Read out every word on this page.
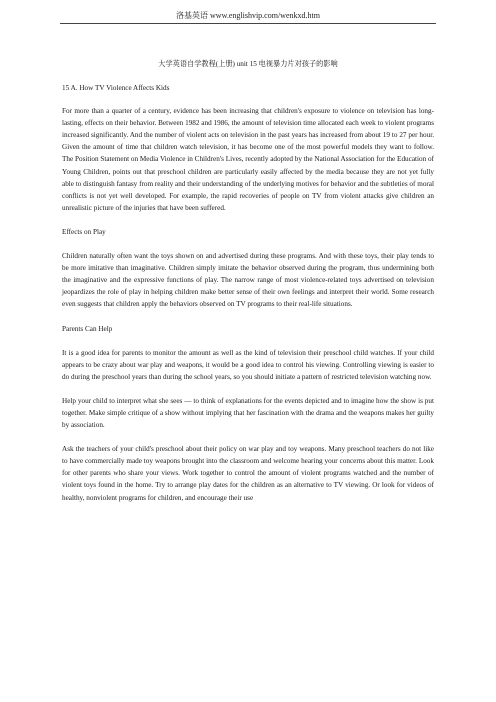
洛基英语 www.englishvip.com/wenkxd.htm

大学英语自学教程(上册) unit 15 电视暴力片对孩子的影响

15 A. How TV Violence Affects Kids

For more than a quarter of a century, evidence has been increasing that children's exposure to violence on television has long-lasting, effects on their behavior. Between 1982 and 1986, the amount of television time allocated each week to violent programs increased significantly. And the number of violent acts on television in the past years has increased from about 19 to 27 per hour. Given the amount of time that children watch television, it has become one of the most powerful models they want to follow. The Position Statement on Media Violence in Children's Lives, recently adopted by the National Association for the Education of Young Children, points out that preschool children are particularly easily affected by the media because they are not yet fully able to distinguish fantasy from reality and their understanding of the underlying motives for behavior and the subtleties of moral conflicts is not yet well developed. For example, the rapid recoveries of people on TV from violent attacks give children an unrealistic picture of the injuries that have been suffered.

Effects on Play

Children naturally often want the toys shown on and advertised during these programs. And with these toys, their play tends to be more imitative than imaginative. Children simply imitate the behavior observed during the program, thus undermining both the imaginative and the expressive functions of play. The narrow range of most violence-related toys advertised on television jeopardizes the role of play in helping children make better sense of their own feelings and interpret their world. Some research even suggests that children apply the behaviors observed on TV programs to their real-life situations.

Parents Can Help

It is a good idea for parents to monitor the amount as well as the kind of television their preschool child watches. If your child appears to be crazy about war play and weapons, it would be a good idea to control his viewing. Controlling viewing is easier to do during the preschool years than during the school years, so you should initiate a pattern of restricted television watching now.

Help your child to interpret what she sees — to think of explanations for the events depicted and to imagine how the show is put together. Make simple critique of a show without implying that her fascination with the drama and the weapons makes her guilty by association.

Ask the teachers of your child's preschool about their policy on war play and toy weapons. Many preschool teachers do not like to have commercially made toy weapons brought into the classroom and welcome hearing your concerns about this matter. Look for other parents who share your views. Work together to control the amount of violent programs watched and the number of violent toys found in the home. Try to arrange play dates for the children as an alternative to TV viewing. Or look for videos of healthy, nonviolent programs for children, and encourage their use
